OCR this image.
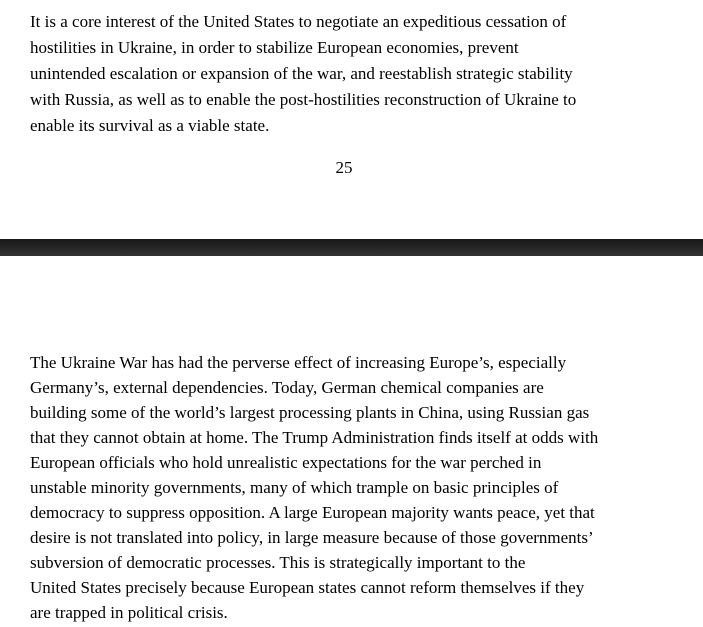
It is a core interest of the United States to negotiate an expeditious cessation of
hostilities in Ukraine, in order to stabilize European economies, prevent
unintended escalation or expansion of the war, and reestablish strategic stability
with Russia, as well as to enable the post-hostilities reconstruction of Ukraine to
enable its survival as a viable state.
25
The Ukraine War has had the perverse effect of increasing Europe’s, especially
Germany’s, external dependencies. Today, German chemical companies are
building some of the world’s largest processing plants in China, using Russian gas
that they cannot obtain at home. The Trump Administration finds itself at odds with
European officials who hold unrealistic expectations for the war perched in
unstable minority governments, many of which trample on basic principles of
democracy to suppress opposition. A large European majority wants peace, yet that
desire is not translated into policy, in large measure because of those governments’
subversion of democratic processes. This is strategically important to the
United States precisely because European states cannot reform themselves if they
are trapped in political crisis.
